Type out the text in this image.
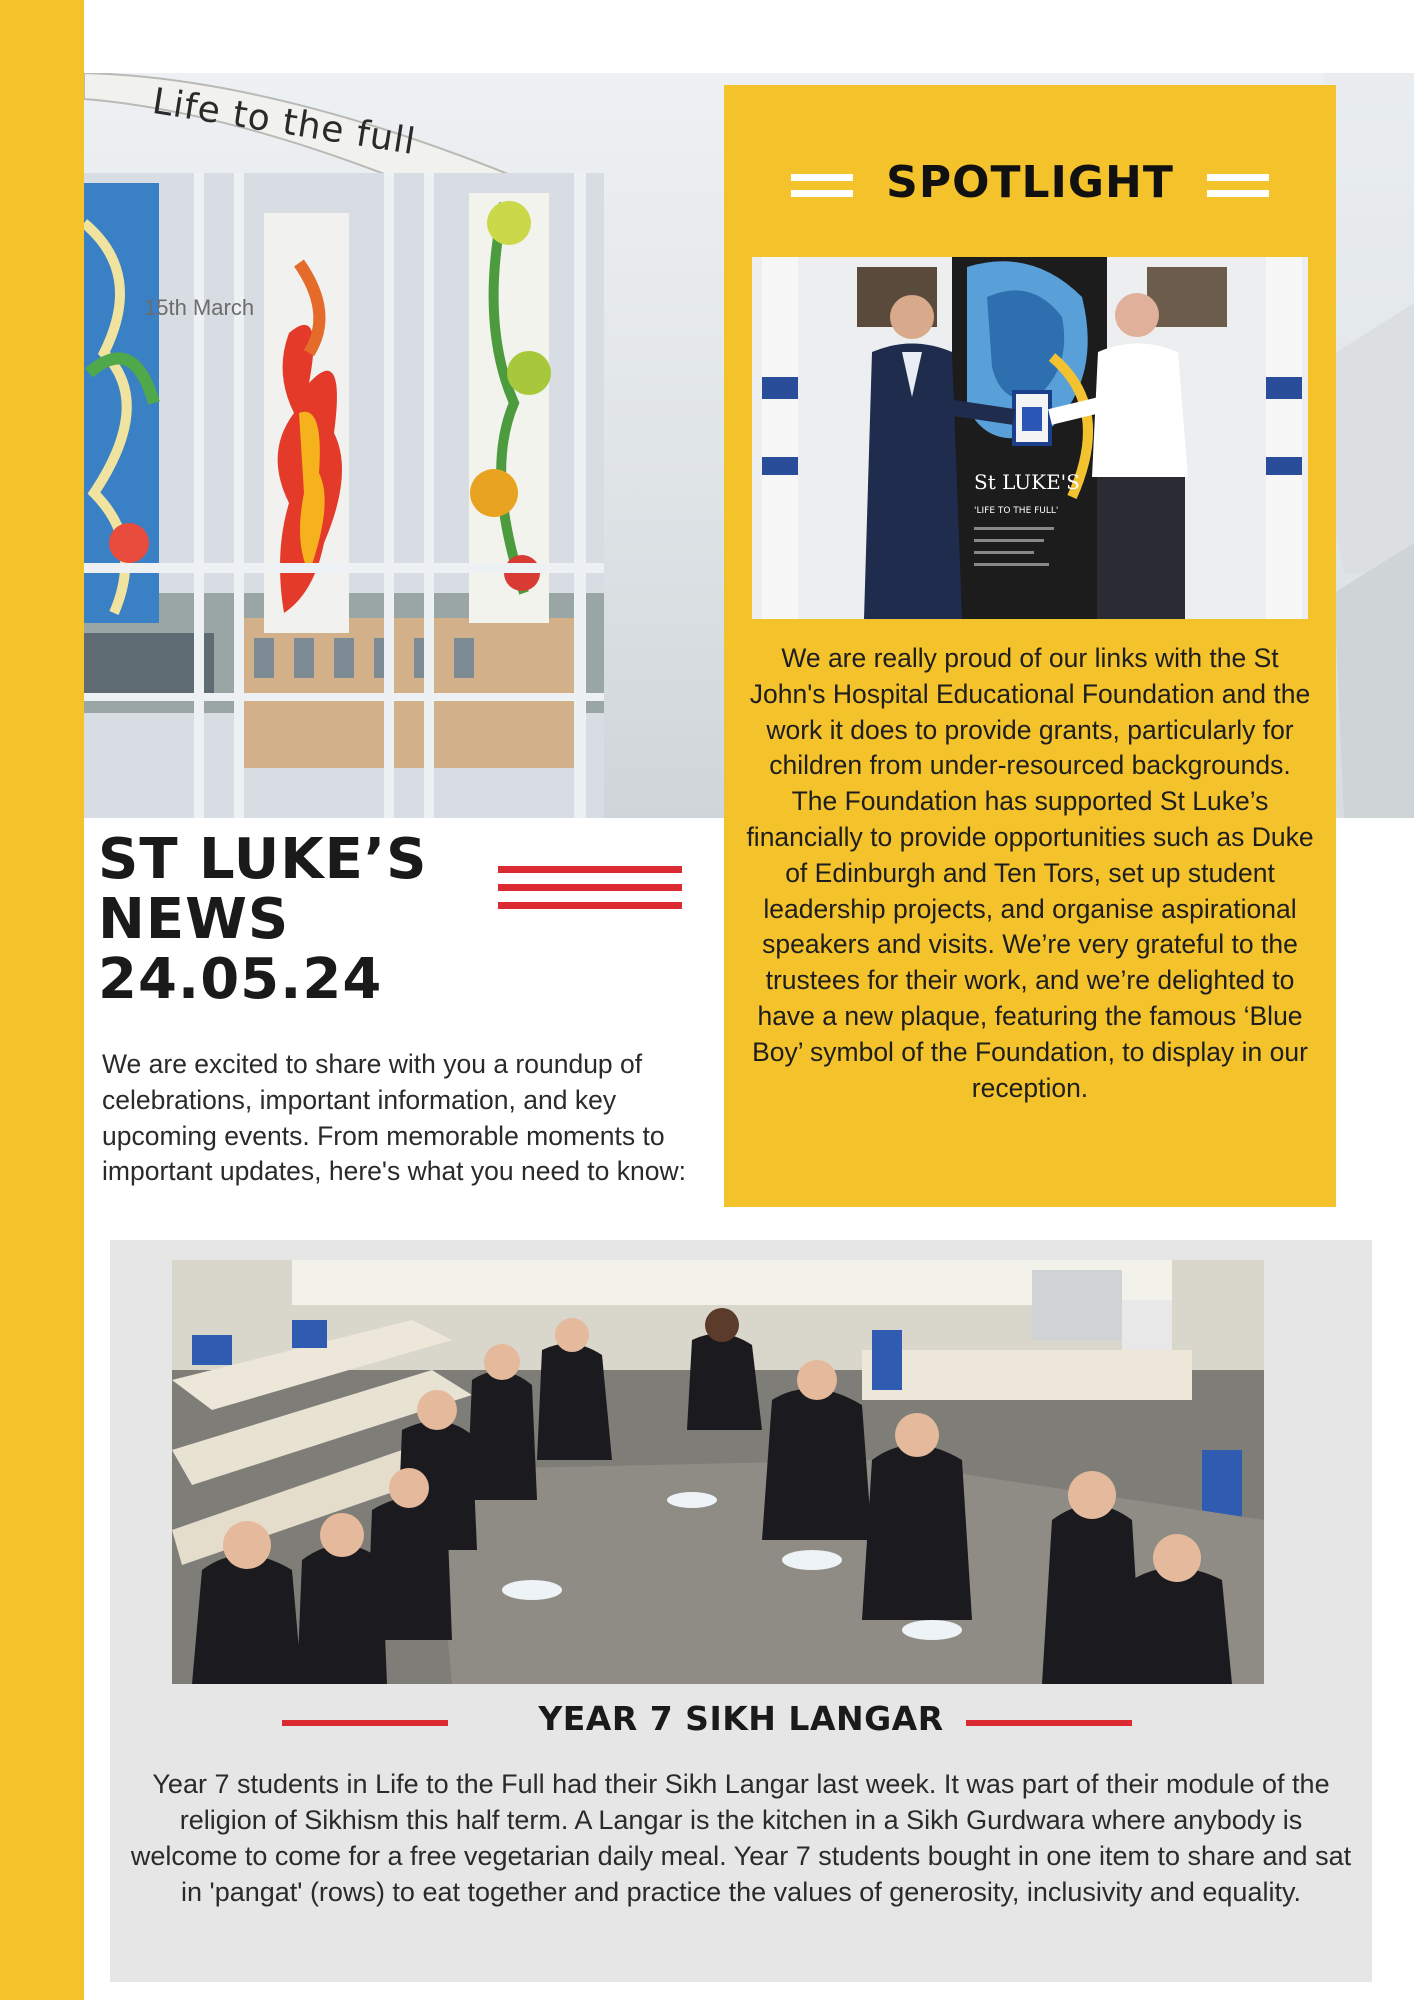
Life to the full
15th March
SPOTLIGHT
St LUKE'S
'LIFE TO THE FULL'
We are really proud of our links with the St John's Hospital Educational Foundation and the work it does to provide grants, particularly for children from under-resourced backgrounds. The Foundation has supported St Luke’s financially to provide opportunities such as Duke of Edinburgh and Ten Tors, set up student leadership projects, and organise aspirational speakers and visits. We’re very grateful to the trustees for their work, and we’re delighted to have a new plaque, featuring the famous ‘Blue Boy’ symbol of the Foundation, to display in our reception.
ST LUKE’S
NEWS
24.05.24
We are excited to share with you a roundup of celebrations, important information, and key upcoming events. From memorable moments to important updates, here's what you need to know:
YEAR 7 SIKH LANGAR
Year 7 students in Life to the Full had their Sikh Langar last week. It was part of their module of the religion of Sikhism this half term. A Langar is the kitchen in a Sikh Gurdwara where anybody is welcome to come for a free vegetarian daily meal. Year 7 students bought in one item to share and sat in 'pangat' (rows) to eat together and practice the values of generosity, inclusivity and equality.
